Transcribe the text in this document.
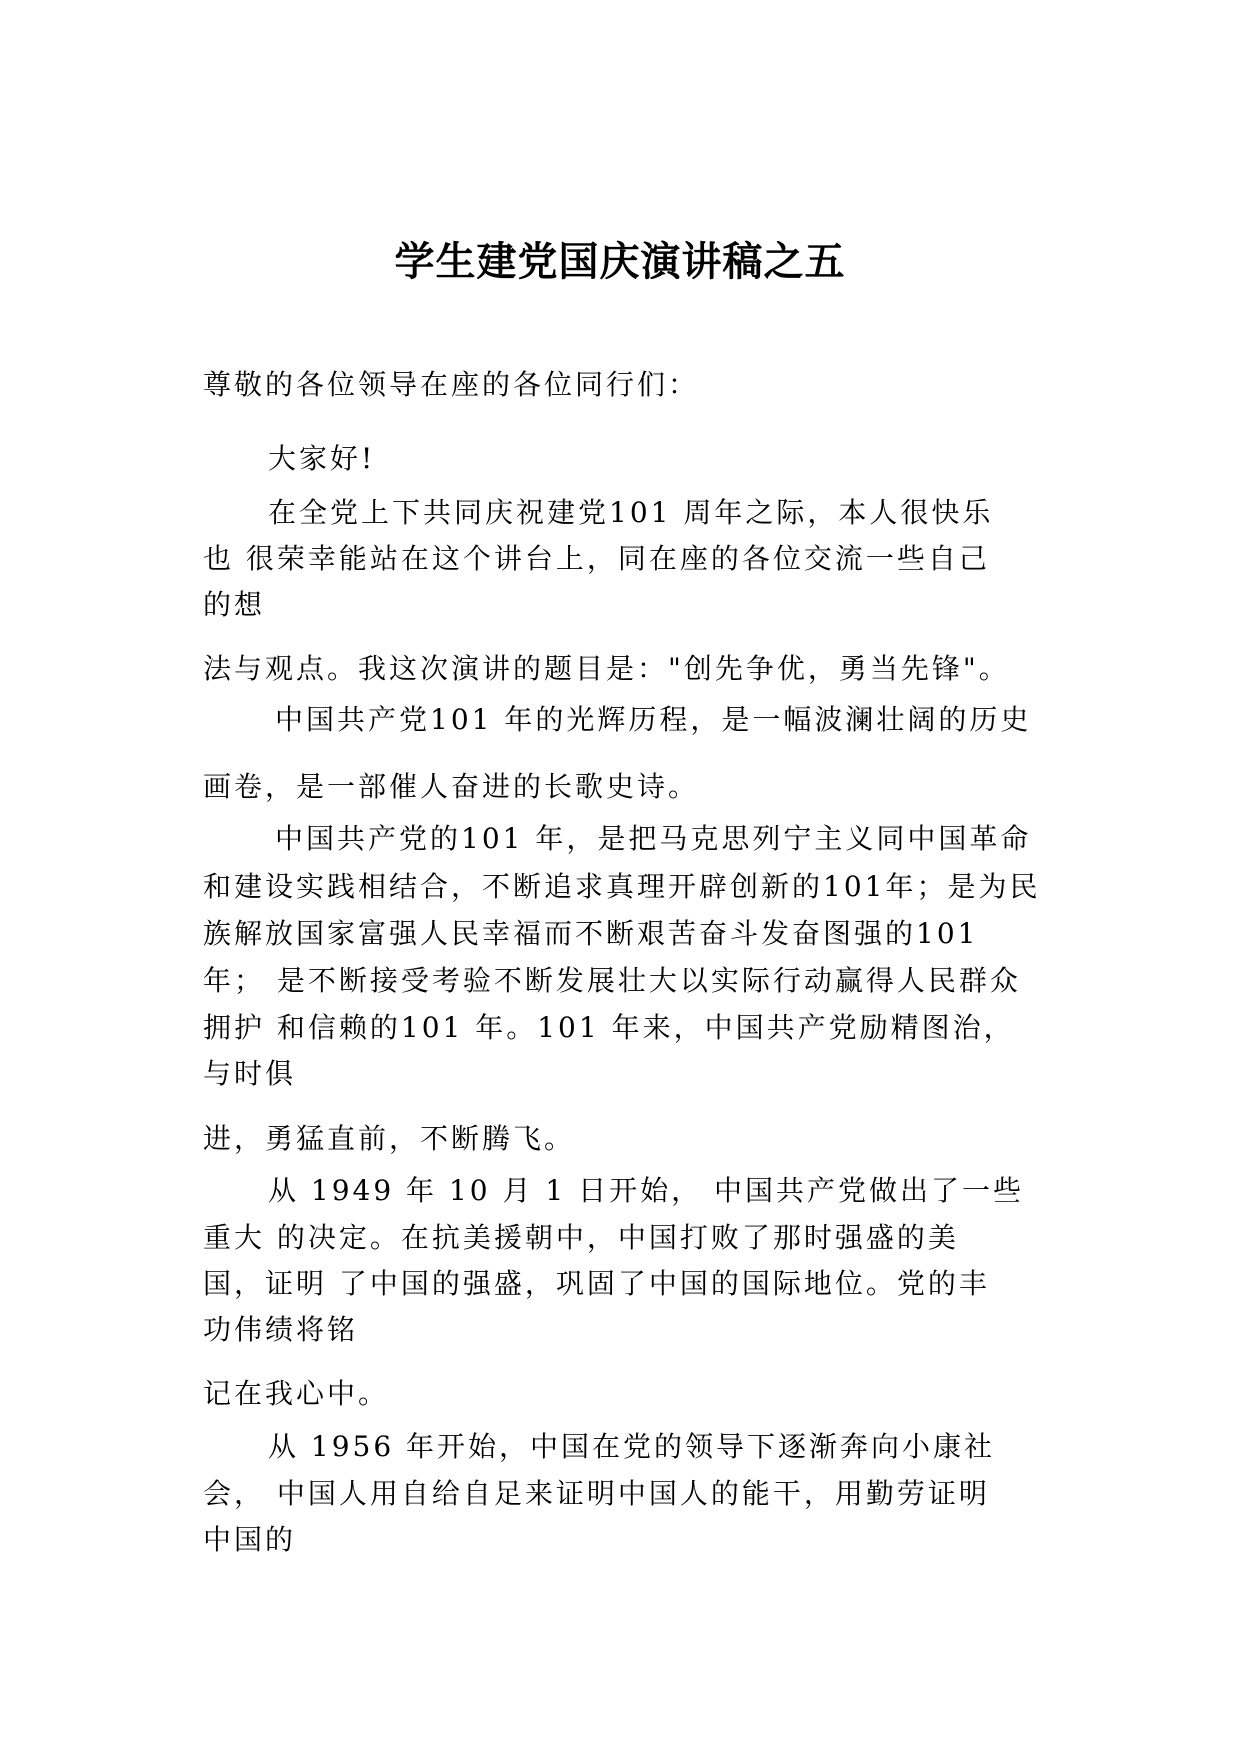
学生建党国庆演讲稿之五
尊敬的各位领导在座的各位同行们：
大家好!
在全党上下共同庆祝建党101 周年之际，本人很快乐
也 很荣幸能站在这个讲台上，同在座的各位交流一些自己
的想
法与观点。我这次演讲的题目是："创先争优，勇当先锋"。
中国共产党101 年的光辉历程，是一幅波澜壮阔的历史
画卷，是一部催人奋进的长歌史诗。
中国共产党的101 年，是把马克思列宁主义同中国革命
和建设实践相结合，不断追求真理开辟创新的101年；是为民
族解放国家富强人民幸福而不断艰苦奋斗发奋图强的101
年； 是不断接受考验不断发展壮大以实际行动赢得人民群众
拥护 和信赖的101 年。101 年来，中国共产党励精图治，
与时俱
进，勇猛直前，不断腾飞。
从 1949 年 10 月 1 日开始， 中国共产党做出了一些
重大 的决定。在抗美援朝中，中国打败了那时强盛的美
国，证明 了中国的强盛，巩固了中国的国际地位。党的丰
功伟绩将铭
记在我心中。
从 1956 年开始，中国在党的领导下逐渐奔向小康社
会， 中国人用自给自足来证明中国人的能干，用勤劳证明
中国的
